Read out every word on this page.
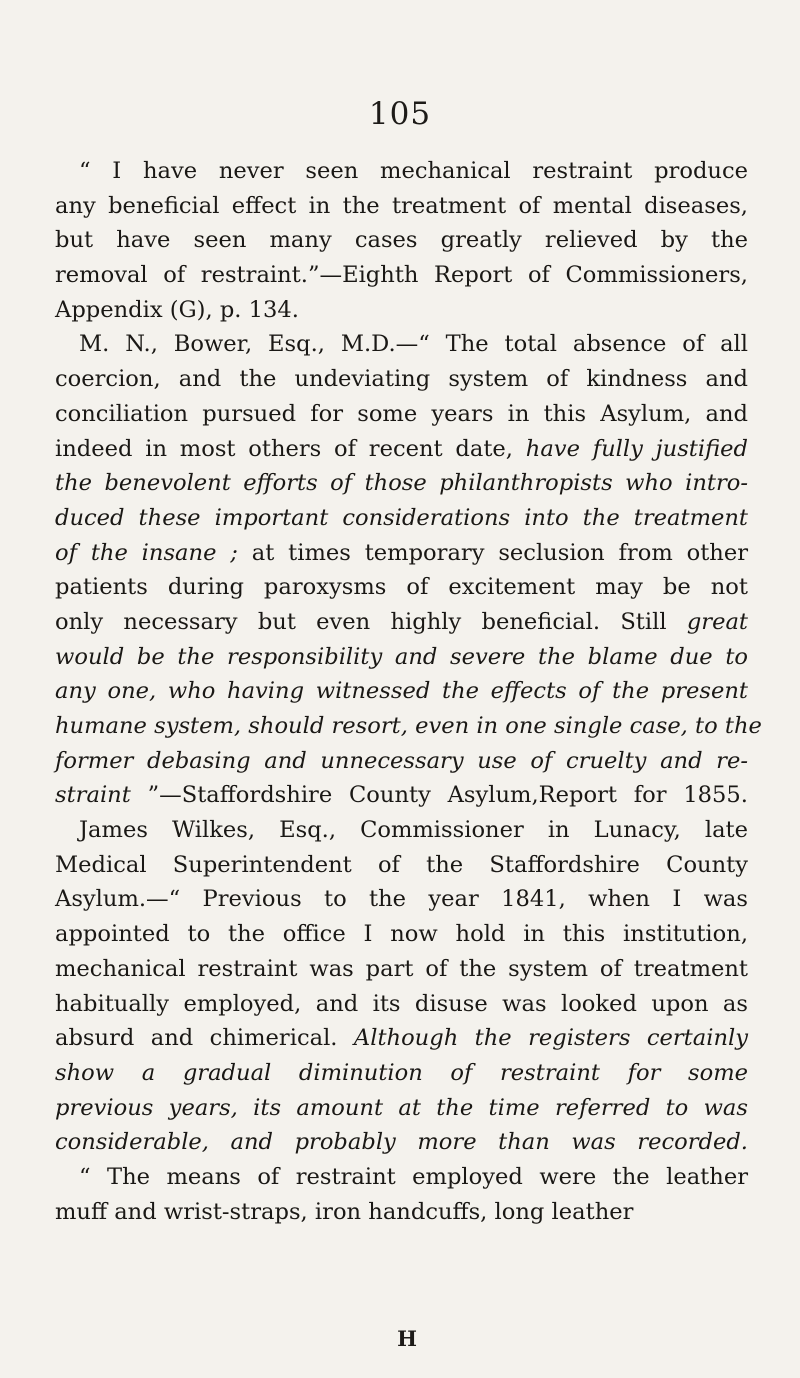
105
“ I have never seen mechanical restraint produce
any beneficial effect in the treatment of mental diseases,
but have seen many cases greatly relieved by the
removal of restraint.”—Eighth Report of Commissioners,
Appendix (G), p. 134.
M. N., Bower, Esq., M.D.—“ The total absence of all
coercion, and the undeviating system of kindness and
conciliation pursued for some years in this Asylum, and
indeed in most others of recent date, have fully justified
the benevolent efforts of those philanthropists who intro-
duced these important considerations into the treatment
of the insane ; at times temporary seclusion from other
patients during paroxysms of excitement may be not
only necessary but even highly beneficial. Still great
would be the responsibility and severe the blame due to
any one, who having witnessed the effects of the present
humane system, should resort, even in one single case, to the
former debasing and unnecessary use of cruelty and re-
straint ”—Staffordshire County Asylum,Report for 1855.
James Wilkes, Esq., Commissioner in Lunacy, late
Medical Superintendent of the Staffordshire County
Asylum.—“ Previous to the year 1841, when I was
appointed to the office I now hold in this institution,
mechanical restraint was part of the system of treatment
habitually employed, and its disuse was looked upon as
absurd and chimerical. Although the registers certainly
show a gradual diminution of restraint for some
previous years, its amount at the time referred to was
considerable, and probably more than was recorded.
“ The means of restraint employed were the leather
muff and wrist-straps, iron handcuffs, long leather
H
